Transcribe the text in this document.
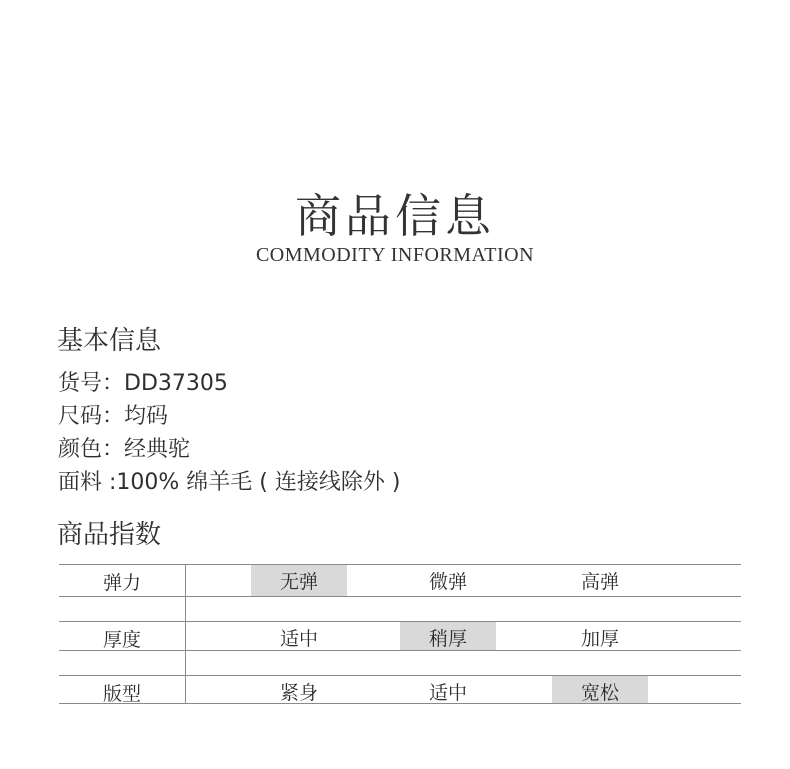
商品信息
COMMODITY INFORMATION
基本信息
货号：DD37305
尺码：均码
颜色：经典驼
面料 :100% 绵羊毛 ( 连接线除外 )
商品指数
弹力	无弹	微弹	高弹
厚度	适中	稍厚	加厚
版型	紧身	适中	宽松
